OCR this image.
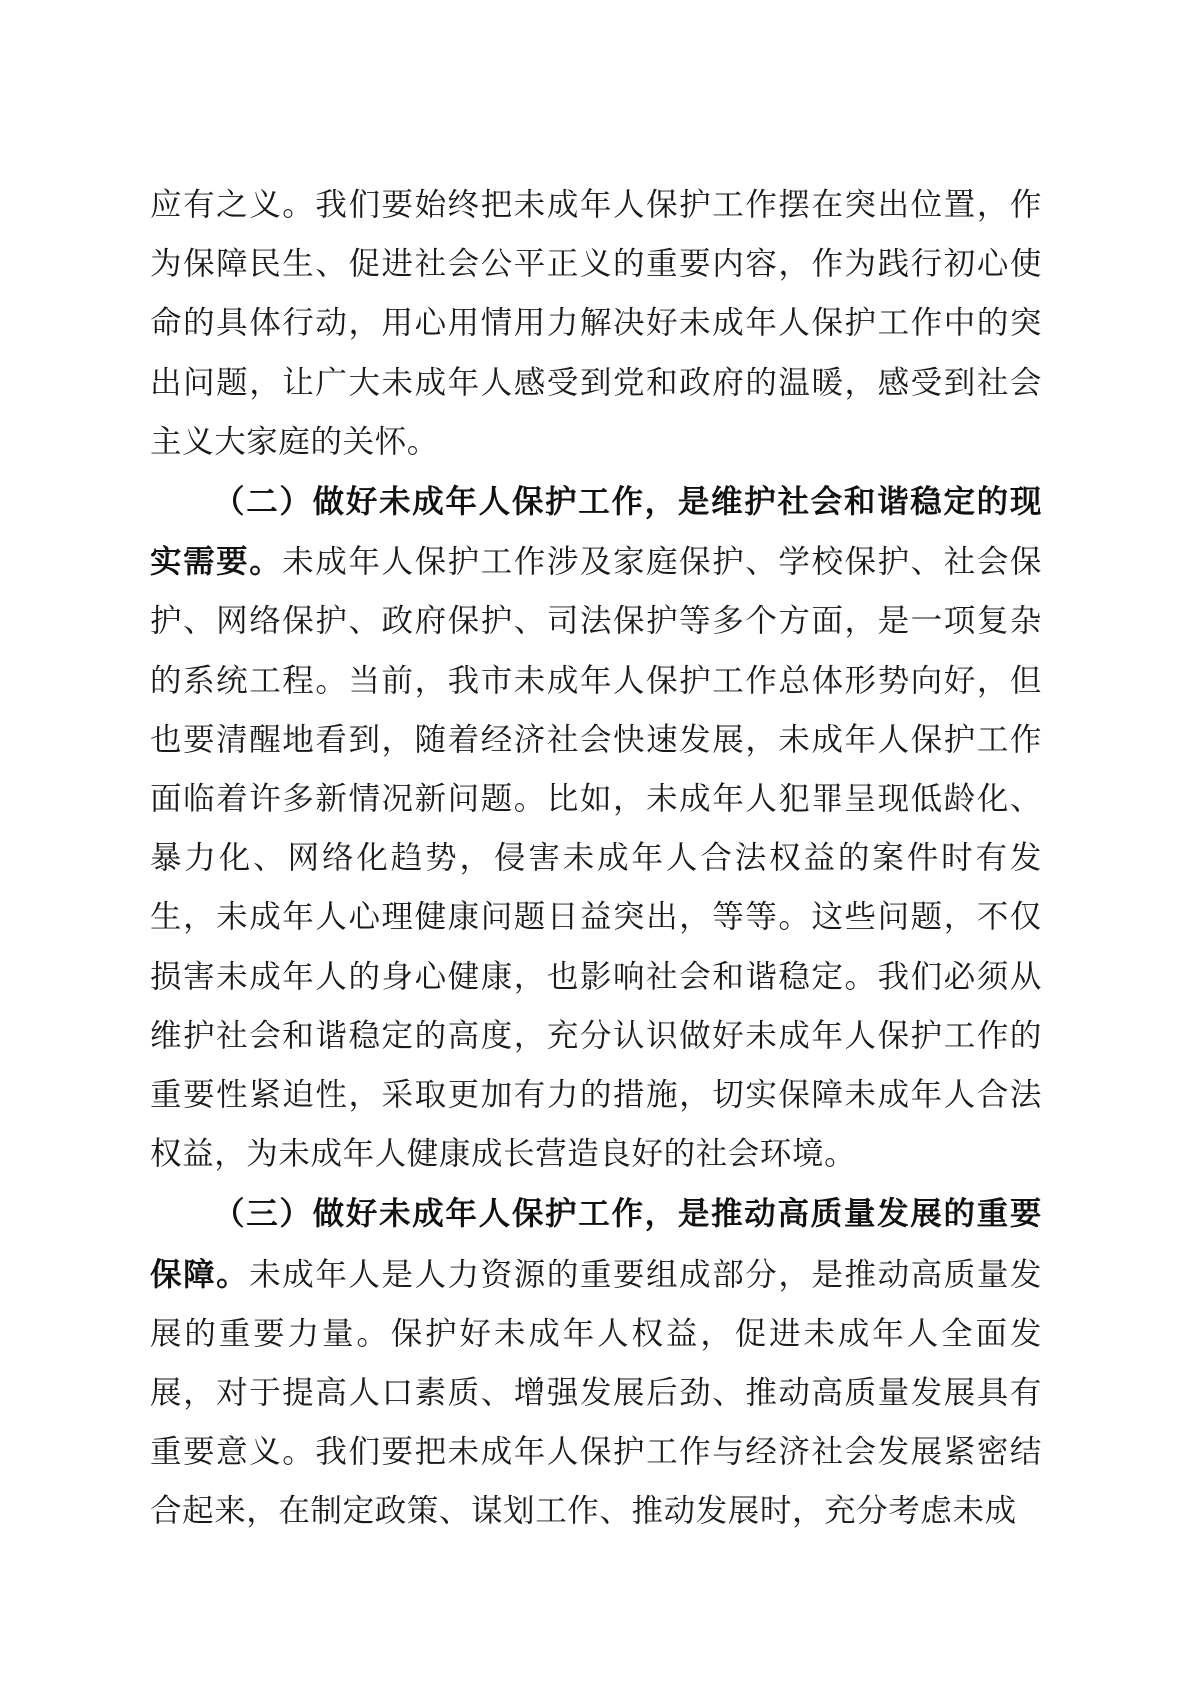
应有之义。我们要始终把未成年人保护工作摆在突出位置，作为保障民生、促进社会公平正义的重要内容，作为践行初心使命的具体行动，用心用情用力解决好未成年人保护工作中的突出问题，让广大未成年人感受到党和政府的温暖，感受到社会主义大家庭的关怀。

（二）做好未成年人保护工作，是维护社会和谐稳定的现实需要。未成年人保护工作涉及家庭保护、学校保护、社会保护、网络保护、政府保护、司法保护等多个方面，是一项复杂的系统工程。当前，我市未成年人保护工作总体形势向好，但也要清醒地看到，随着经济社会快速发展，未成年人保护工作面临着许多新情况新问题。比如，未成年人犯罪呈现低龄化、暴力化、网络化趋势，侵害未成年人合法权益的案件时有发生，未成年人心理健康问题日益突出，等等。这些问题，不仅损害未成年人的身心健康，也影响社会和谐稳定。我们必须从维护社会和谐稳定的高度，充分认识做好未成年人保护工作的重要性紧迫性，采取更加有力的措施，切实保障未成年人合法权益，为未成年人健康成长营造良好的社会环境。

（三）做好未成年人保护工作，是推动高质量发展的重要保障。未成年人是人力资源的重要组成部分，是推动高质量发展的重要力量。保护好未成年人权益，促进未成年人全面发展，对于提高人口素质、增强发展后劲、推动高质量发展具有重要意义。我们要把未成年人保护工作与经济社会发展紧密结合起来，在制定政策、谋划工作、推动发展时，充分考虑未成
